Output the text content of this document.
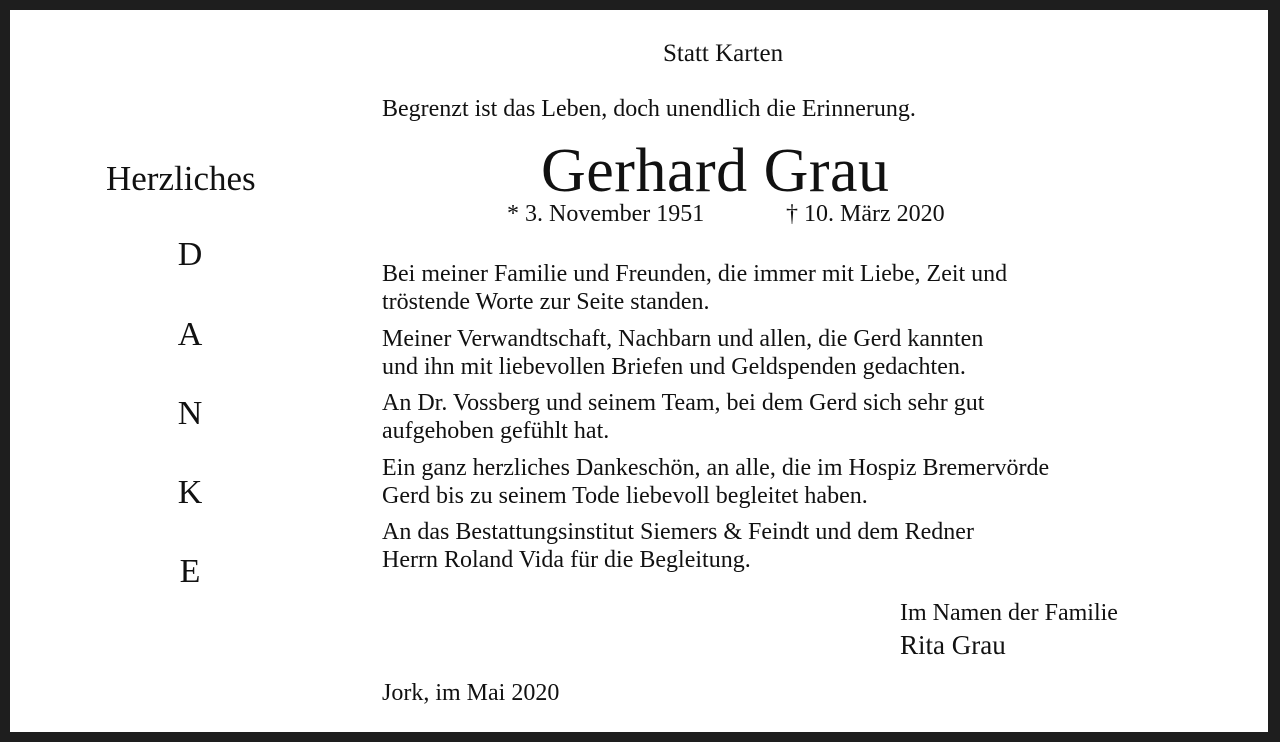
Statt Karten
Begrenzt ist das Leben, doch unendlich die Erinnerung.
Gerhard Grau
* 3. November 1951	† 10. März 2020
Herzliches
D
A
N
K
E
Bei meiner Familie und Freunden, die immer mit Liebe, Zeit und
tröstende Worte zur Seite standen.
Meiner Verwandtschaft, Nachbarn und allen, die Gerd kannten
und ihn mit liebevollen Briefen und Geldspenden gedachten.
An Dr. Vossberg und seinem Team, bei dem Gerd sich sehr gut
aufgehoben gefühlt hat.
Ein ganz herzliches Dankeschön, an alle, die im Hospiz Bremervörde
Gerd bis zu seinem Tode liebevoll begleitet haben.
An das Bestattungsinstitut Siemers & Feindt und dem Redner
Herrn Roland Vida für die Begleitung.
Im Namen der Familie
Rita Grau
Jork, im Mai 2020
